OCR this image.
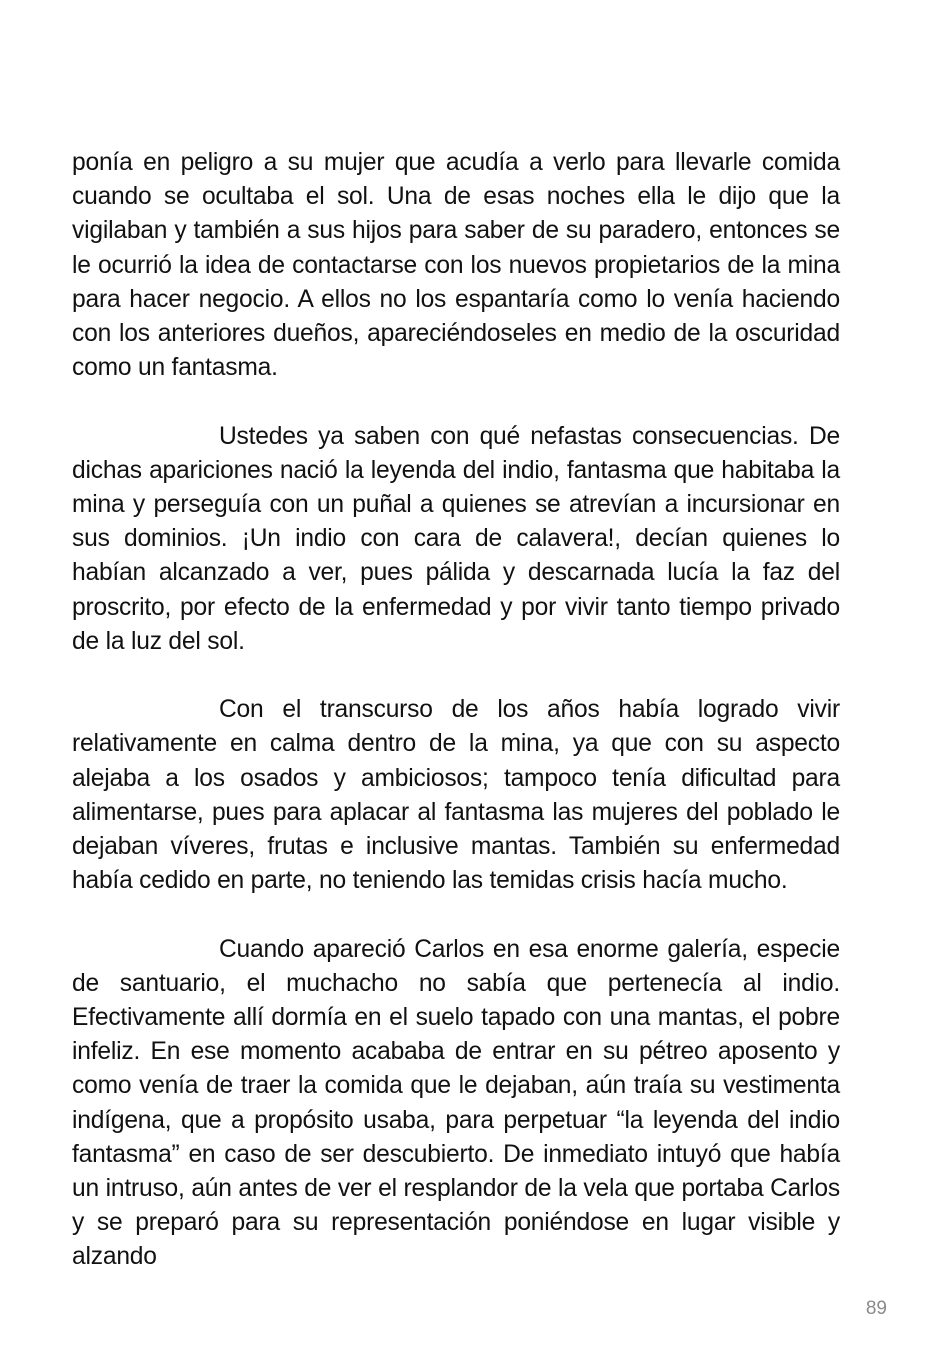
ponía en peligro a su mujer que acudía a verlo para llevarle comida cuando se ocultaba el sol. Una de esas noches ella le dijo que la vigilaban y también a sus hijos para saber de su paradero, entonces se le ocurrió la idea de contactarse con los nuevos propietarios de la mina para hacer negocio. A ellos no los espantaría como lo venía haciendo con los anteriores dueños, apareciéndoseles en medio de la oscuridad como un fantasma.

Ustedes ya saben con qué nefastas consecuencias. De dichas apariciones nació la leyenda del indio, fantasma que habitaba la mina y perseguía con un puñal a quienes se atrevían a incursionar en sus dominios. ¡Un indio con cara de calavera!, decían quienes lo habían alcanzado a ver, pues pálida y descarnada lucía la faz del proscrito, por efecto de la enfermedad y por vivir tanto tiempo privado de la luz del sol.

Con el transcurso de los años había logrado vivir relativamente en calma dentro de la mina, ya que con su aspecto alejaba a los osados y ambiciosos; tampoco tenía dificultad para alimentarse, pues para aplacar al fantasma las mujeres del poblado le dejaban víveres, frutas e inclusive mantas. También su enfermedad había cedido en parte, no teniendo las temidas crisis hacía mucho.

Cuando apareció Carlos en esa enorme galería, especie de santuario, el muchacho no sabía que pertenecía al indio. Efectivamente allí dormía en el suelo tapado con una mantas, el pobre infeliz. En ese momento acababa de entrar en su pétreo aposento y como venía de traer la comida que le dejaban, aún traía su vestimenta indígena, que a propósito usaba, para perpetuar “la leyenda del indio fantasma” en caso de ser descubierto. De inmediato intuyó que había un intruso, aún antes de ver el resplandor de la vela que portaba Carlos y se preparó para su representación poniéndose en lugar visible y alzando

89
